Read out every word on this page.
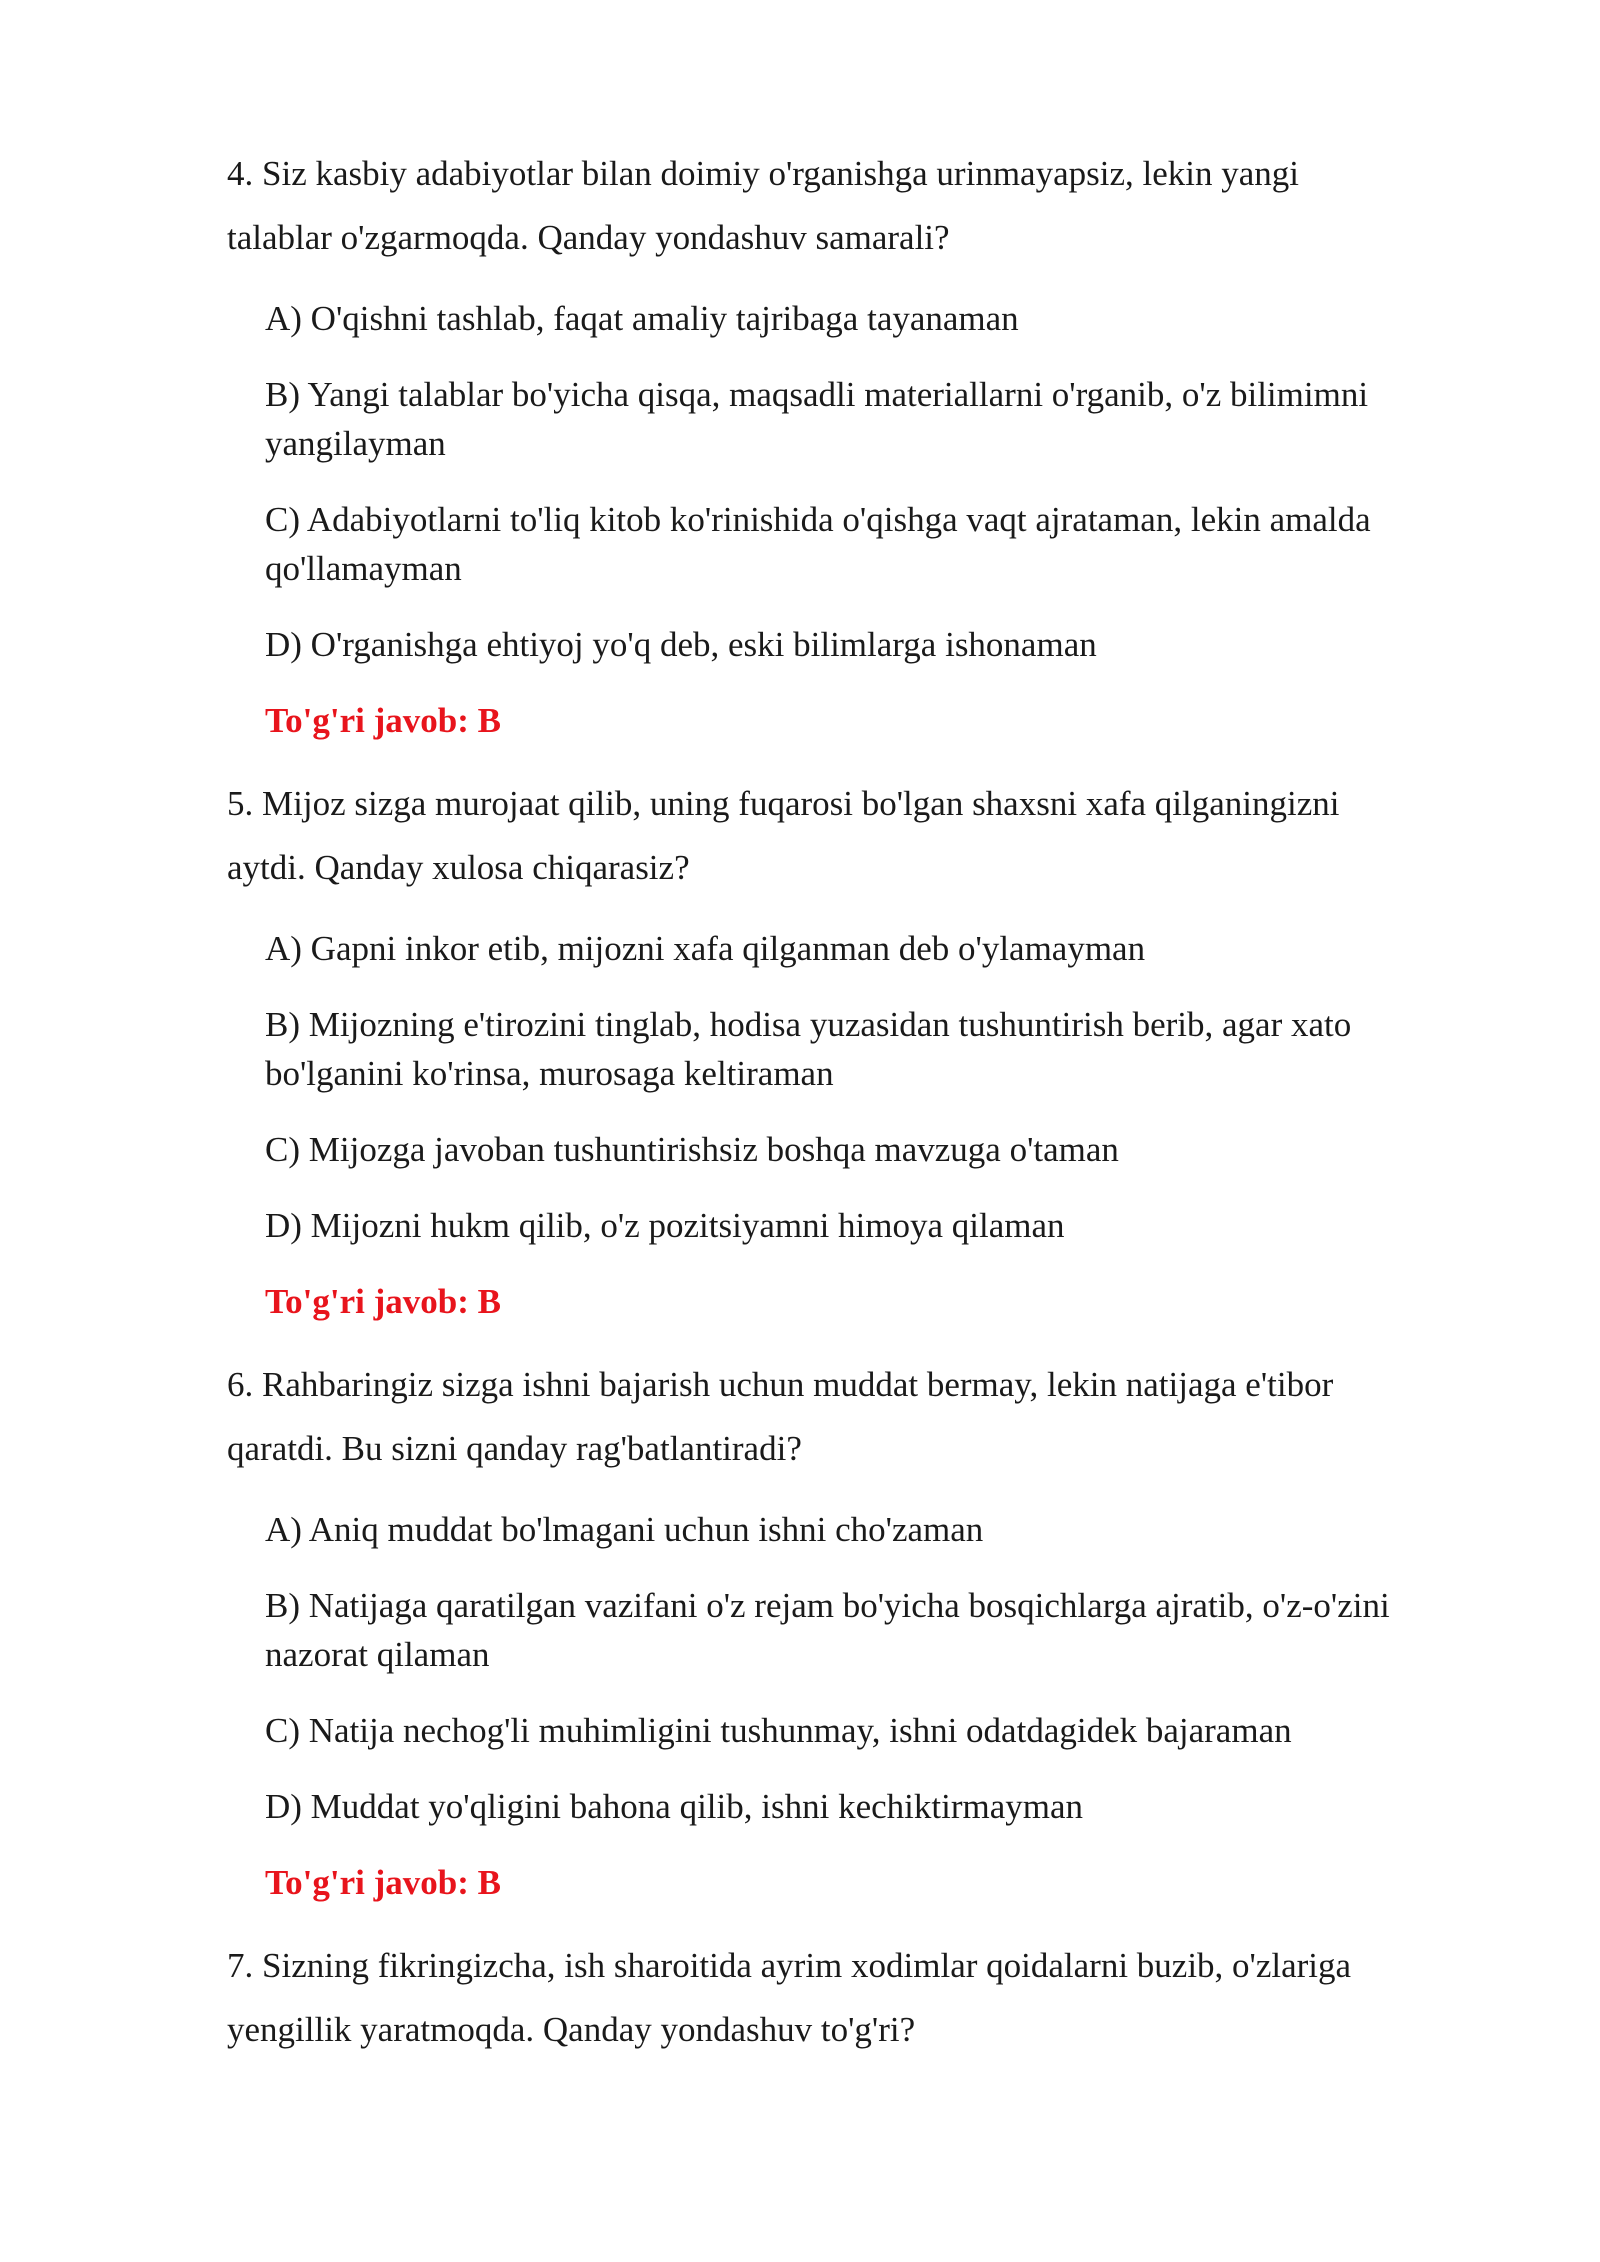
4. Siz kasbiy adabiyotlar bilan doimiy o'rganishga urinmayapsiz, lekin yangi

talablar o'zgarmoqda. Qanday yondashuv samarali?

A) O'qishni tashlab, faqat amaliy tajribaga tayanaman
B) Yangi talablar bo'yicha qisqa, maqsadli materiallarni o'rganib, o'z bilimimni yangilayman
C) Adabiyotlarni to'liq kitob ko'rinishida o'qishga vaqt ajrataman, lekin amalda qo'llamayman
D) O'rganishga ehtiyoj yo'q deb, eski bilimlarga ishonaman

To'g'ri javob: B

5. Mijoz sizga murojaat qilib, uning fuqarosi bo'lgan shaxsni xafa qilganingizni

aytdi. Qanday xulosa chiqarasiz?

A) Gapni inkor etib, mijozni xafa qilganman deb o'ylamayman
B) Mijozning e'tirozini tinglab, hodisa yuzasidan tushuntirish berib, agar xato bo'lganini ko'rinsa, murosaga keltiraman
C) Mijozga javoban tushuntirishsiz boshqa mavzuga o'taman
D) Mijozni hukm qilib, o'z pozitsiyamni himoya qilaman

To'g'ri javob: B

6. Rahbaringiz sizga ishni bajarish uchun muddat bermay, lekin natijaga e'tibor

qaratdi. Bu sizni qanday rag'batlantiradi?

A) Aniq muddat bo'lmagani uchun ishni cho'zaman
B) Natijaga qaratilgan vazifani o'z rejam bo'yicha bosqichlarga ajratib, o'z-o'zini nazorat qilaman
C) Natija nechog'li muhimligini tushunmay, ishni odatdagidek bajaraman
D) Muddat yo'qligini bahona qilib, ishni kechiktirmayman

To'g'ri javob: B

7. Sizning fikringizcha, ish sharoitida ayrim xodimlar qoidalarni buzib, o'zlariga

yengillik yaratmoqda. Qanday yondashuv to'g'ri?
